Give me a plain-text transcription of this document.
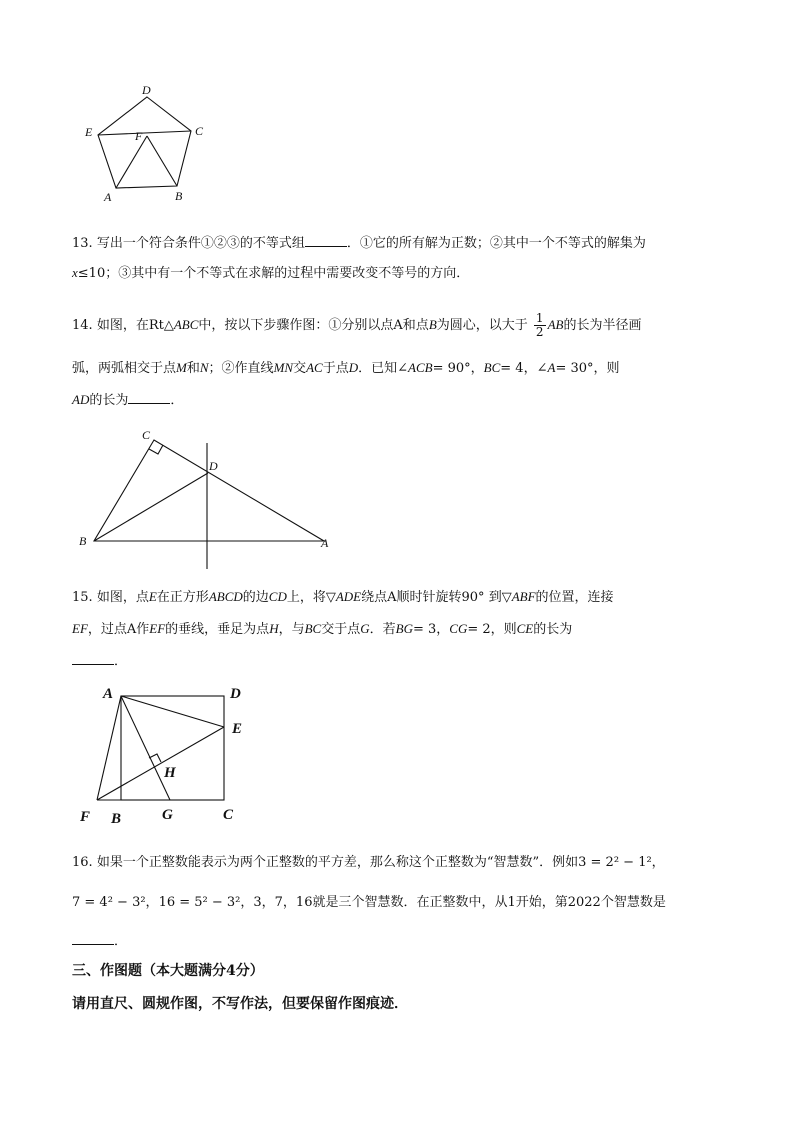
D
E	F	C
A	B
13. 写出一个符合条件①②③的不等式组	．①它的所有解为正数；②其中一个不等式的解集为
x≤10；③其中有一个不等式在求解的过程中需要改变不等号的方向．
14. 如图，在Rt△ABC中，按以下步骤作图：①分别以点A和点B为圆心，以大于 $\frac{1}{2}$ AB的长为半径画
弧，两弧相交于点M和N；②作直线MN交AC于点D．已知∠ACB= 90°，BC= 4，∠A= 30°，则
AD的长为	．
C
D
B	A
15. 如图，点E在正方形ABCD的边CD上，将▽ADE绕点A顺时针旋转90° 到▽ABF的位置，连接
EF，过点A作EF的垂线，垂足为点H，与BC交于点G．若BG= 3，CG= 2，则CE的长为
．
A	D
E
H
F B	G	C
16. 如果一个正整数能表示为两个正整数的平方差，那么称这个正整数为“智慧数”．例如3 = 2² − 1²，
7 = 4² − 3²，16 = 5² − 3²，3，7，16就是三个智慧数．在正整数中，从1开始，第2022个智慧数是
．
三、作图题（本大题满分4分）
请用直尺、圆规作图，不写作法，但要保留作图痕迹．
